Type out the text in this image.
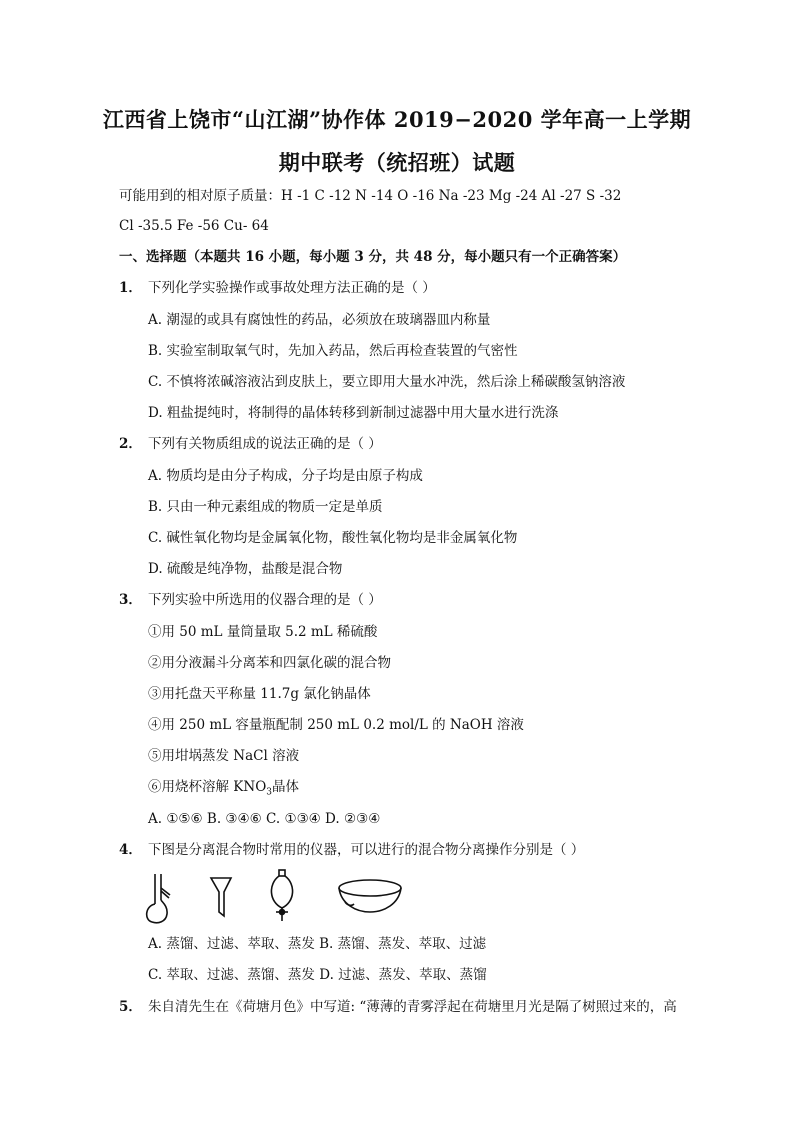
江西省上饶市“山江湖”协作体 2019−2020 学年高一上学期
期中联考（统招班）试题
可能用到的相对原子质量：H -1 C -12 N -14 O -16 Na -23 Mg -24 Al -27 S -32
Cl -35.5 Fe -56 Cu- 64
一、选择题（本题共 16 小题，每小题 3 分，共 48 分，每小题只有一个正确答案）
1． 下列化学实验操作或事故处理方法正确的是（ ）
A. 潮湿的或具有腐蚀性的药品，必须放在玻璃器皿内称量
B. 实验室制取氧气时，先加入药品，然后再检查装置的气密性
C. 不慎将浓碱溶液沾到皮肤上，要立即用大量水冲洗，然后涂上稀碳酸氢钠溶液
D. 粗盐提纯时，将制得的晶体转移到新制过滤器中用大量水进行洗涤
2． 下列有关物质组成的说法正确的是（ ）
A. 物质均是由分子构成，分子均是由原子构成
B. 只由一种元素组成的物质一定是单质
C. 碱性氧化物均是金属氧化物，酸性氧化物均是非金属氧化物
D. 硫酸是纯净物，盐酸是混合物
3． 下列实验中所选用的仪器合理的是（ ）
①用 50 mL 量筒量取 5.2 mL 稀硫酸
②用分液漏斗分离苯和四氯化碳的混合物
③用托盘天平称量 11.7g 氯化钠晶体
④用 250 mL 容量瓶配制 250 mL 0.2 mol/L 的 NaOH 溶液
⑤用坩埚蒸发 NaCl 溶液
⑥用烧杯溶解 $KNO_3$晶体
A. ①⑤⑥ B. ③④⑥ C. ①③④ D. ②③④
4． 下图是分离混合物时常用的仪器，可以进行的混合物分离操作分别是（ ）
A. 蒸馏、过滤、萃取、蒸发 B. 蒸馏、蒸发、萃取、过滤
C. 萃取、过滤、蒸馏、蒸发 D. 过滤、蒸发、萃取、蒸馏
5． 朱自清先生在《荷塘月色》中写道: “薄薄的青雾浮起在荷塘里月光是隔了树照过来的，高
